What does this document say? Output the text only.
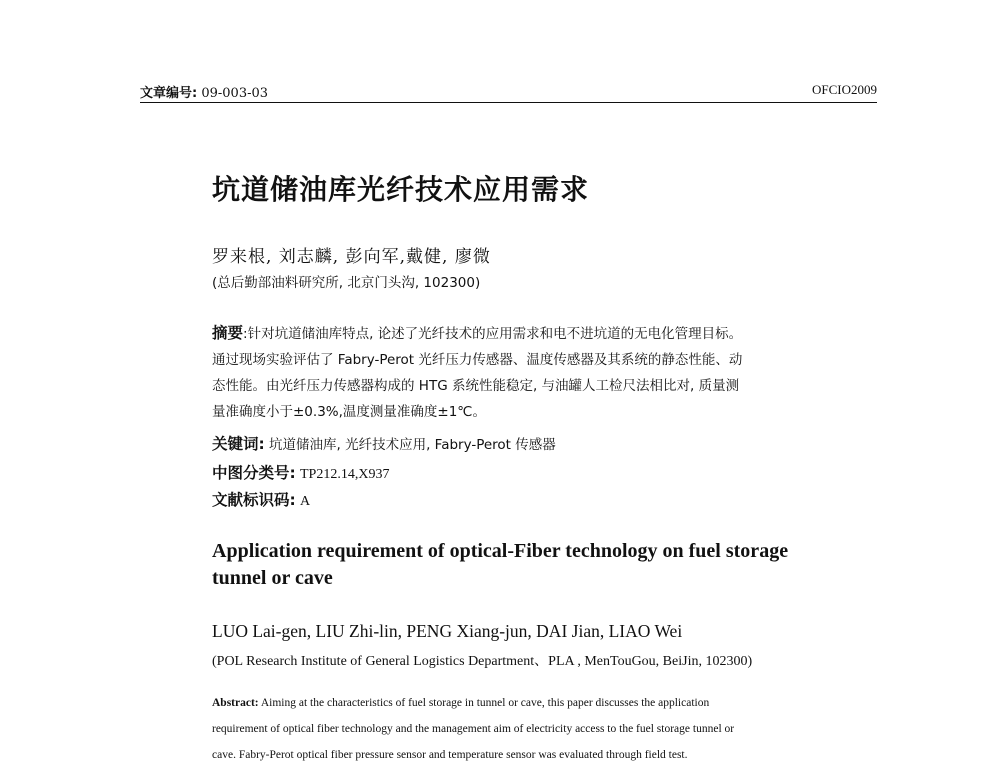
文章编号: 09-003-03	OFCIO2009
坑道储油库光纤技术应用需求
罗来根, 刘志麟, 彭向军,戴健, 廖微
(总后勤部油料研究所, 北京门头沟, 102300)
摘要:针对坑道储油库特点, 论述了光纤技术的应用需求和电不进坑道的无电化管理目标。
通过现场实验评估了 Fabry-Perot 光纤压力传感器、温度传感器及其系统的静态性能、动
态性能。由光纤压力传感器构成的 HTG 系统性能稳定, 与油罐人工检尺法相比对, 质量测
量准确度小于±0.3%,温度测量准确度±1℃。
关键词: 坑道储油库, 光纤技术应用, Fabry-Perot 传感器
中图分类号: TP212.14,X937
文献标识码: A
Application requirement of optical-Fiber technology on fuel storage tunnel or cave
LUO Lai-gen, LIU Zhi-lin, PENG Xiang-jun, DAI Jian, LIAO Wei
(POL Research Institute of General Logistics Department、PLA , MenTouGou, BeiJin, 102300)
Abstract: Aiming at the characteristics of fuel storage in tunnel or cave, this paper discusses the application
requirement of optical fiber technology and the management aim of electricity access to the fuel storage tunnel or
cave. Fabry-Perot optical fiber pressure sensor and temperature sensor was evaluated through field test.
